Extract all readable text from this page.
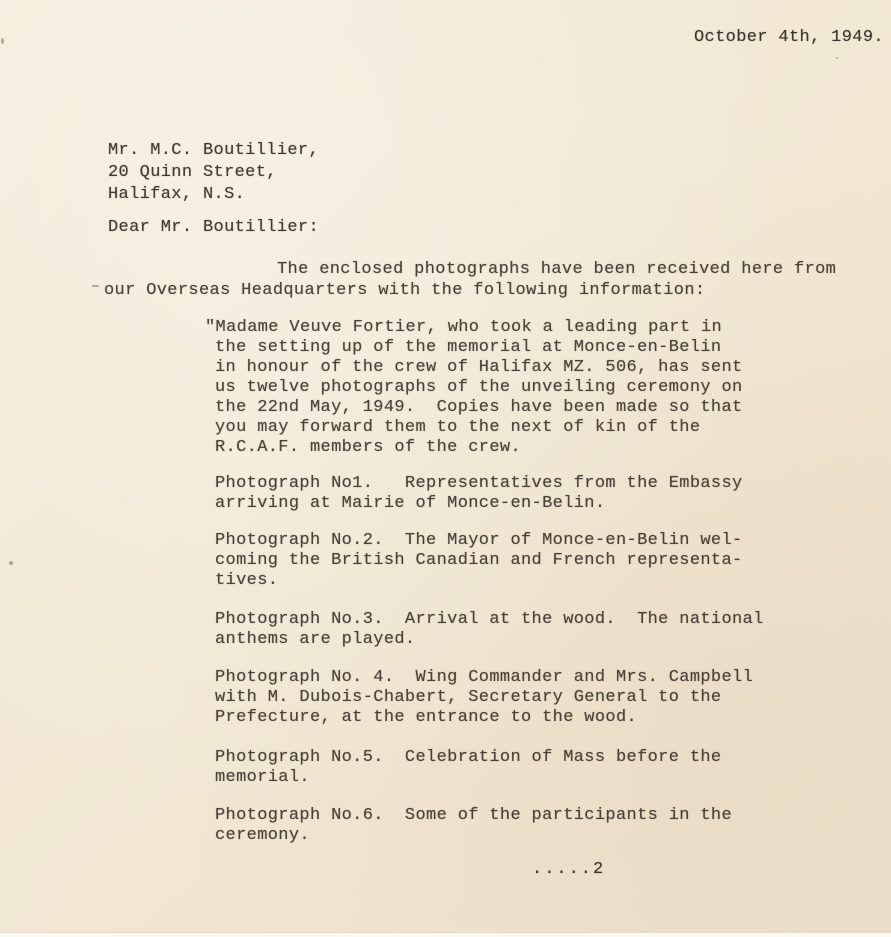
October 4th, 1949.
Mr. M.C. Boutillier,
20 Quinn Street,
Halifax, N.S.
Dear Mr. Boutillier:
The enclosed photographs have been received here from
our Overseas Headquarters with the following information:
"Madame Veuve Fortier, who took a leading part in
the setting up of the memorial at Monce-en-Belin
in honour of the crew of Halifax MZ. 506, has sent
us twelve photographs of the unveiling ceremony on
the 22nd May, 1949.  Copies have been made so that
you may forward them to the next of kin of the
R.C.A.F. members of the crew.
Photograph No1.   Representatives from the Embassy
arriving at Mairie of Monce-en-Belin.
Photograph No.2.  The Mayor of Monce-en-Belin wel-
coming the British Canadian and French representa-
tives.
Photograph No.3.  Arrival at the wood.  The national
anthems are played.
Photograph No. 4.  Wing Commander and Mrs. Campbell
with M. Dubois-Chabert, Secretary General to the
Prefecture, at the entrance to the wood.
Photograph No.5.  Celebration of Mass before the
memorial.
Photograph No.6.  Some of the participants in the
ceremony.
.....2
